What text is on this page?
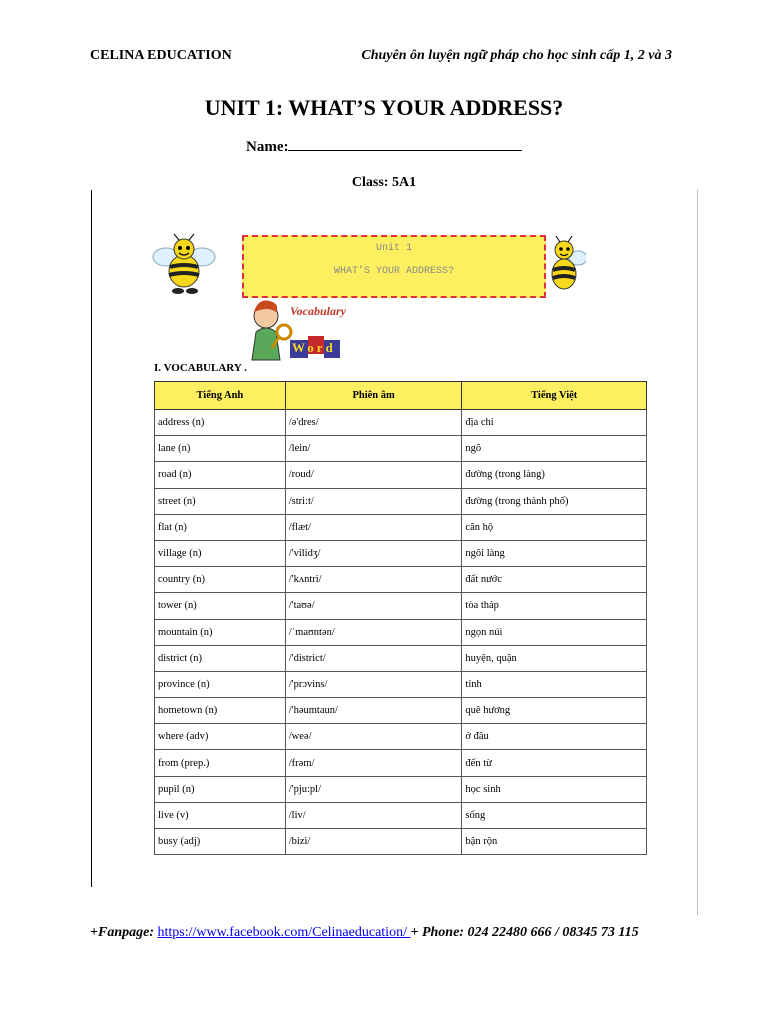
CELINA EDUCATION	Chuyên ôn luyện ngữ pháp cho học sinh cấp 1, 2 và 3
UNIT 1: WHAT’S YOUR ADDRESS?
Name:
Class: 5A1
Unit 1
WHAT’S YOUR ADDRESS?
Vocabulary
Word
I. VOCABULARY .
Tiếng Anh	Phiên âm	Tiếng Việt
address (n)	/ə'dres/	địa chỉ
lane (n)	/lein/	ngõ
road (n)	/roud/	đường (trong làng)
street (n)	/stri:t/	đường (trong thành phố)
flat (n)	/flæt/	căn hộ
village (n)	/'vilidʒ/	ngôi làng
country (n)	/'kʌntri/	đất nước
tower (n)	/'taʊə/	tòa tháp
mountain (n)	/ˈmaʊntən/	ngọn núi
district (n)	/'district/	huyện, quận
province (n)	/'prɔvins/	tỉnh
hometown (n)	/'həumtaun/	quê hương
where (adv)	/weə/	ở đâu
from (prep.)	/frəm/	đến từ
pupil (n)	/'pju:pl/	học sinh
live (v)	/liv/	sống
busy (adj)	/bizi/	bận rộn
+Fanpage: https://www.facebook.com/Celinaeducation/ + Phone: 024 22480 666 / 08345 73 115
